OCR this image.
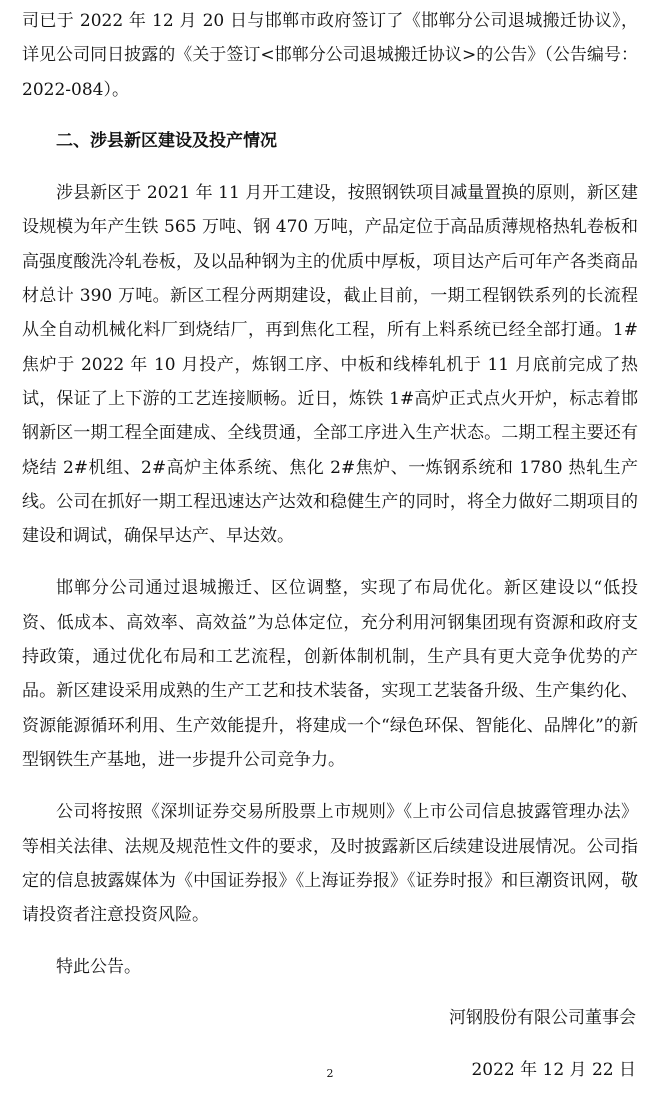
司已于 2022 年 12 月 20 日与邯郸市政府签订了《邯郸分公司退城搬迁协议》，详见公司同日披露的《关于签订<邯郸分公司退城搬迁协议>的公告》（公告编号：2022-084）。

二、涉县新区建设及投产情况

涉县新区于 2021 年 11 月开工建设，按照钢铁项目减量置换的原则，新区建设规模为年产生铁 565 万吨、钢 470 万吨，产品定位于高品质薄规格热轧卷板和高强度酸洗冷轧卷板，及以品种钢为主的优质中厚板，项目达产后可年产各类商品材总计 390 万吨。新区工程分两期建设，截止目前，一期工程钢铁系列的长流程从全自动机械化料厂到烧结厂，再到焦化工程，所有上料系统已经全部打通。1#焦炉于 2022 年 10 月投产，炼钢工序、中板和线棒轧机于 11 月底前完成了热试，保证了上下游的工艺连接顺畅。近日，炼铁 1#高炉正式点火开炉，标志着邯钢新区一期工程全面建成、全线贯通，全部工序进入生产状态。二期工程主要还有烧结 2#机组、2#高炉主体系统、焦化 2#焦炉、一炼钢系统和 1780 热轧生产线。公司在抓好一期工程迅速达产达效和稳健生产的同时，将全力做好二期项目的建设和调试，确保早达产、早达效。

邯郸分公司通过退城搬迁、区位调整，实现了布局优化。新区建设以“低投资、低成本、高效率、高效益”为总体定位，充分利用河钢集团现有资源和政府支持政策，通过优化布局和工艺流程，创新体制机制，生产具有更大竞争优势的产品。新区建设采用成熟的生产工艺和技术装备，实现工艺装备升级、生产集约化、资源能源循环利用、生产效能提升，将建成一个“绿色环保、智能化、品牌化”的新型钢铁生产基地，进一步提升公司竞争力。

公司将按照《深圳证券交易所股票上市规则》《上市公司信息披露管理办法》等相关法律、法规及规范性文件的要求，及时披露新区后续建设进展情况。公司指定的信息披露媒体为《中国证券报》《上海证券报》《证券时报》和巨潮资讯网，敬请投资者注意投资风险。

特此公告。

河钢股份有限公司董事会

2022 年 12 月 22 日

2
